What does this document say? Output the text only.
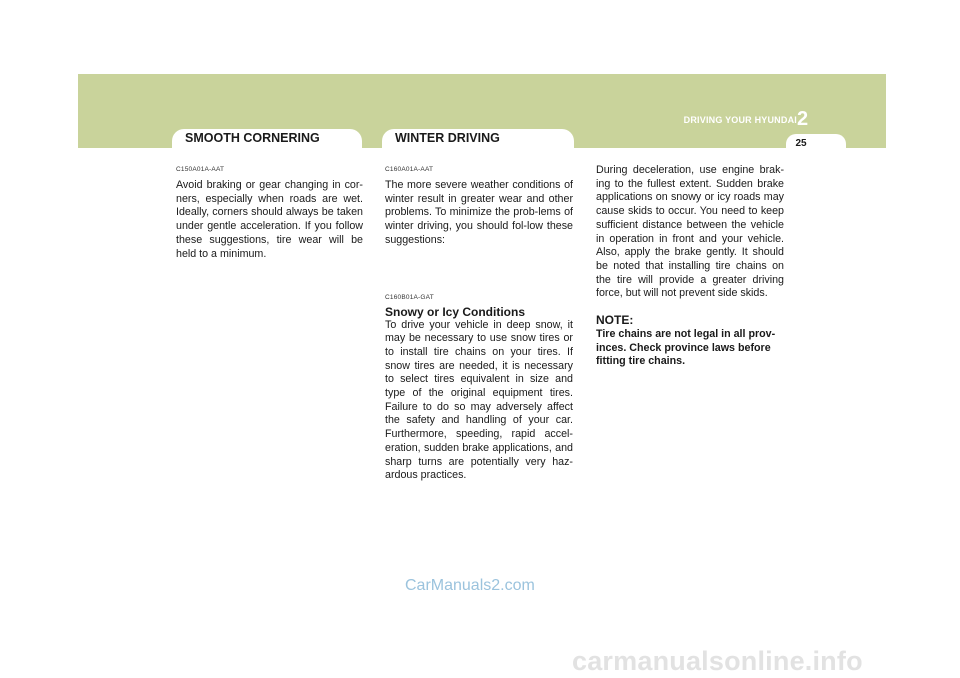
DRIVING YOUR HYUNDAI 2
25
SMOOTH CORNERING	WINTER DRIVING

C150A01A-AAT

Avoid braking or gear changing in cor-ners, especially when roads are wet. Ideally, corners should always be taken under gentle acceleration. If you follow these suggestions, tire wear will be held to a minimum.

C160A01A-AAT

The more severe weather conditions of winter result in greater wear and other problems. To minimize the prob-lems of winter driving, you should fol-low these suggestions:

C160B01A-GAT

Snowy or Icy Conditions

To drive your vehicle in deep snow, it may be necessary to use snow tires or to install tire chains on your tires. If snow tires are needed, it is necessary to select tires equivalent in size and type of the original equipment tires. Failure to do so may adversely affect the safety and handling of your car. Furthermore, speeding, rapid accel-eration, sudden brake applications, and sharp turns are potentially very haz-ardous practices.

During deceleration, use engine brak-ing to the fullest extent. Sudden brake applications on snowy or icy roads may cause skids to occur. You need to keep sufficient distance between the vehicle in operation in front and your vehicle. Also, apply the brake gently. It should be noted that installing tire chains on the tire will provide a greater driving force, but will not prevent side skids.

NOTE:

Tire chains are not legal in all prov-inces. Check province laws before fitting tire chains.

CarManuals2.com
carmanualsonline.info
